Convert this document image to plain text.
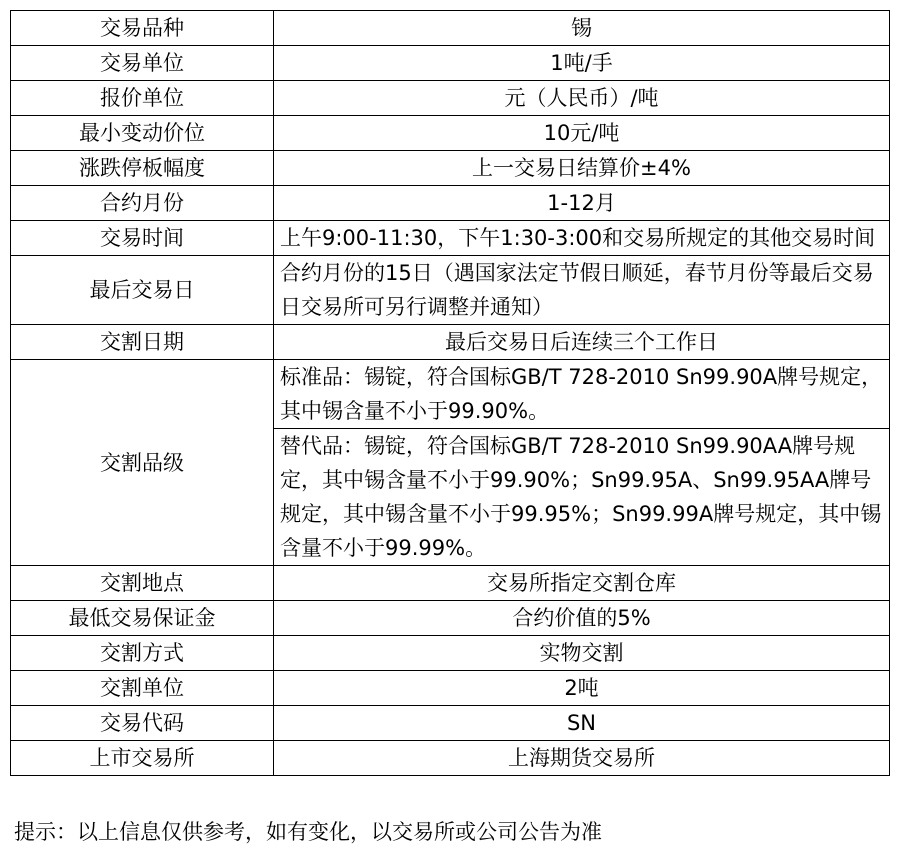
交易品种	锡
交易单位	1吨/手
报价单位	元（人民币）/吨
最小变动价位	10元/吨
涨跌停板幅度	上一交易日结算价±4%
合约月份	1-12月
交易时间	上午9:00-11:30，下午1:30-3:00和交易所规定的其他交易时间
最后交易日	合约月份的15日（遇国家法定节假日顺延，春节月份等最后交易日交易所可另行调整并通知）
交割日期	最后交易日后连续三个工作日
交割品级	标准品：锡锭，符合国标GB/T 728-2010 Sn99.90A牌号规定，其中锡含量不小于99.90%。
替代品：锡锭，符合国标GB/T 728-2010 Sn99.90AA牌号规定，其中锡含量不小于99.90%；Sn99.95A、Sn99.95AA牌号规定，其中锡含量不小于99.95%；Sn99.99A牌号规定，其中锡含量不小于99.99%。

交割地点	交易所指定交割仓库
最低交易保证金	合约价值的5%
交割方式	实物交割
交割单位	2吨
交易代码	SN
上市交易所	上海期货交易所
提示：以上信息仅供参考，如有变化，以交易所或公司公告为准
